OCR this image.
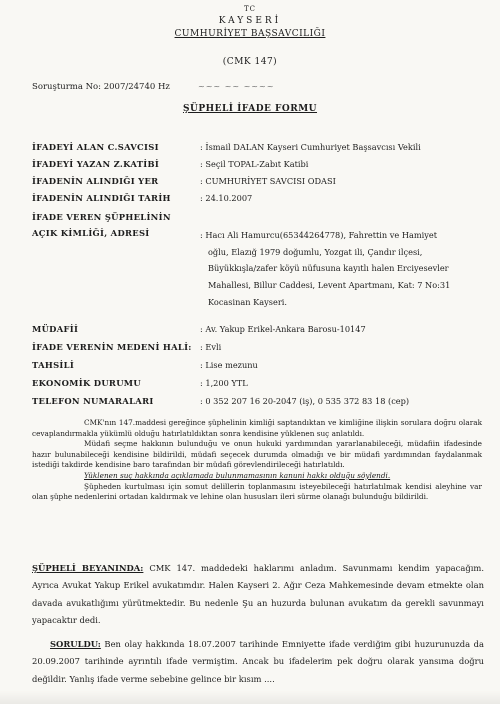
TC
KAYSERİ
CUMHURİYET BAŞSAVCILIĞI
(CMK 147)
Soruşturma No: 2007/24740 Hz	~~~ ~~ ~~~~
ŞÜPHELİ İFADE FORMU
İFADEYİ ALAN C.SAVCISI	: İsmail DALAN Kayseri Cumhuriyet Başsavcısı Vekili
İFADEYİ YAZAN Z.KATİBİ	: Seçil TOPAL-Zabıt Katibi
İFADENİN ALINDIĞI YER	: CUMHURİYET SAVCISI ODASI
İFADENİN ALINDIĞI TARİH	: 24.10.2007
İFADE VEREN ŞÜPHELİNİN
AÇIK KİMLİĞİ, ADRESİ	: Hacı Ali Hamurcu(65344264778), Fahrettin ve Hamiyet
oğlu, Elazığ 1979 doğumlu, Yozgat ili, Çandır ilçesi,
Büyükkışla/zafer köyü nüfusuna kayıtlı halen Erciyesevler
Mahallesi, Billur Caddesi, Levent Apartmanı, Kat: 7 No:31
Kocasinan Kayseri.
MÜDAFİİ	: Av. Yakup Erikel-Ankara Barosu-10147
İFADE VERENİN MEDENİ HALİ: : Evli
TAHSİLİ	: Lise mezunu
EKONOMİK DURUMU	: 1,200 YTL
TELEFON NUMARALARI	: 0 352 207 16 20-2047 (iş), 0 535 372 83 18 (cep)
CMK'nın 147.maddesi gereğince şüphelinin kimliği saptandıktan ve kimliğine ilişkin sorulara doğru olarak cevaplandırmakla yükümlü olduğu hatırlatıldıktan sonra kendisine yüklenen suç anlatıldı.
Müdafi seçme hakkının bulunduğu ve onun hukuki yardımından yararlanabileceği, müdafiin ifadesinde hazır bulunabileceği kendisine bildirildi, müdafi seçecek durumda olmadığı ve bir müdafi yardımından faydalanmak istediği takdirde kendisine baro tarafından bir müdafi görevlendirileceği hatırlatıldı.
Yüklenen suç hakkında açıklamada bulunmamasının kanuni hakkı olduğu söylendi.
Şüpheden kurtulması için somut delillerin toplanmasını isteyebileceği hatırlatılmak kendisi aleyhine var olan şüphe nedenlerini ortadan kaldırmak ve lehine olan hususları ileri sürme olanağı bulunduğu bildirildi.
ŞÜPHELİ BEYANINDA: CMK 147. maddedeki haklarımı anladım. Savunmamı kendim yapacağım. Ayrıca Avukat Yakup Erikel avukatımdır. Halen Kayseri 2. Ağır Ceza Mahkemesinde devam etmekte olan davada avukatlığımı yürütmektedir. Bu nedenle Şu an huzurda bulunan avukatım da gerekli savunmayı yapacaktır dedi.
SORULDU: Ben olay hakkında 18.07.2007 tarihinde Emniyette ifade verdiğim gibi huzurunuzda da 20.09.2007 tarihinde ayrıntılı ifade vermiştim. Ancak bu ifadelerim pek doğru olarak yansıma doğru değildir. Yanlış ifade verme sebebine gelince bir kısım ....
